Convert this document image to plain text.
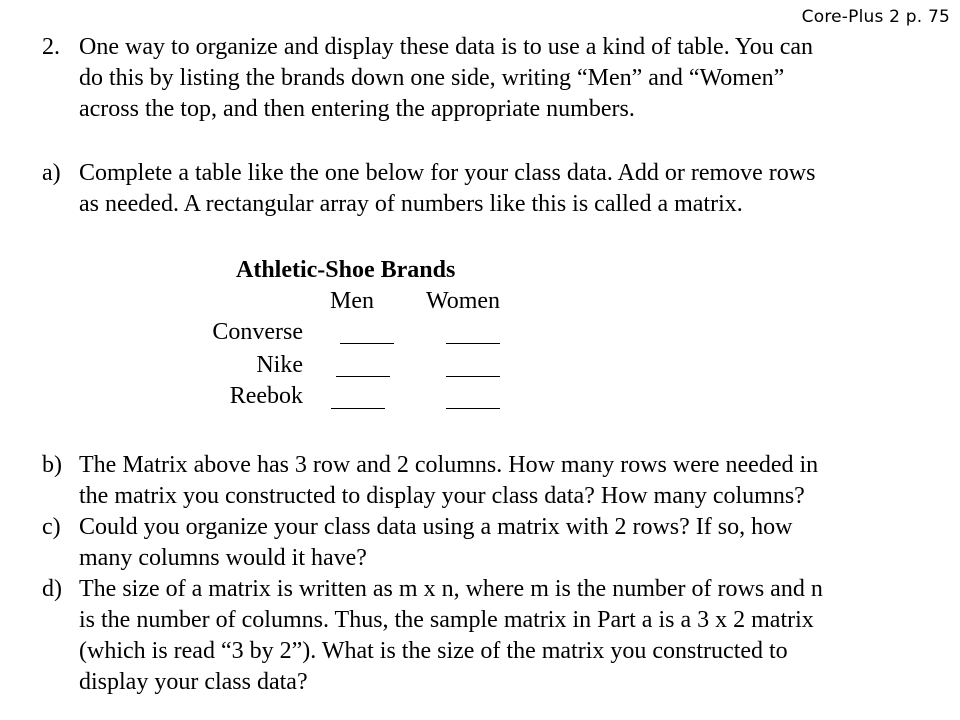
Core-Plus 2 p. 75
2. One way to organize and display these data is to use a kind of table. You can
do this by listing the brands down one side, writing “Men” and “Women”
across the top, and then entering the appropriate numbers.
a) Complete a table like the one below for your class data. Add or remove rows
as needed. A rectangular array of numbers like this is called a matrix.
Athletic-Shoe Brands
Men Women
Converse
Nike
Reebok
b) The Matrix above has 3 row and 2 columns. How many rows were needed in
the matrix you constructed to display your class data? How many columns?
c) Could you organize your class data using a matrix with 2 rows? If so, how
many columns would it have?
d) The size of a matrix is written as m x n, where m is the number of rows and n
is the number of columns. Thus, the sample matrix in Part a is a 3 x 2 matrix
(which is read “3 by 2”). What is the size of the matrix you constructed to
display your class data?
